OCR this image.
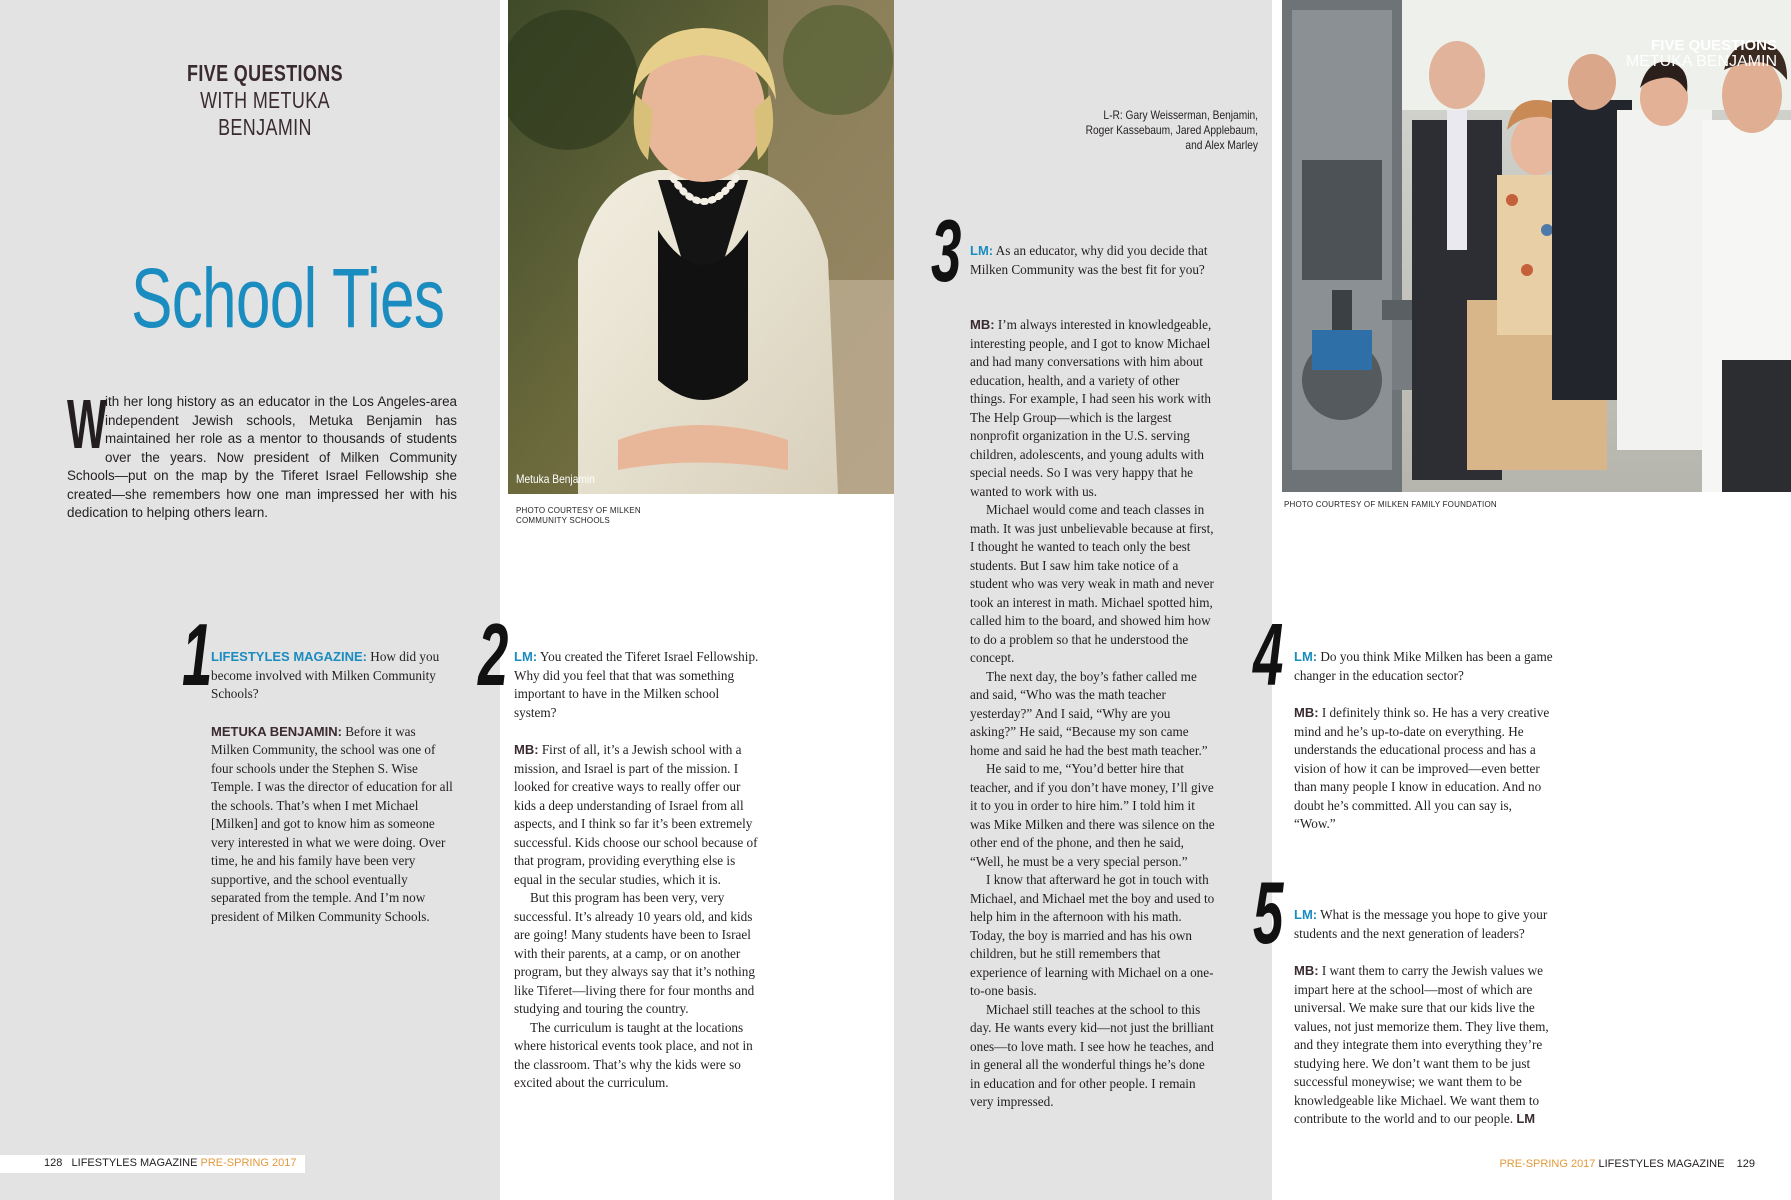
FIVE QUESTIONS
WITH METUKA BENJAMIN
School Ties
W
ith her long history as an educator in the Los Angeles-area independent Jewish schools, Metuka Benjamin has maintained her role as a mentor to thousands of students over the years. Now president of Milken Community Schools—put on the map by the Tiferet Israel Fellowship she created—she remembers how one man impressed her with his dedication to helping others learn.
Metuka Benjamin
PHOTO COURTESY OF MILKEN
COMMUNITY SCHOOLS
L-R: Gary Weisserman, Benjamin,
Roger Kassebaum, Jared Applebaum,
and Alex Marley
FIVE QUESTIONS
METUKA BENJAMIN
PHOTO COURTESY OF MILKEN FAMILY FOUNDATION
1

LIFESTYLES MAGAZINE: How did you become involved with Milken Community Schools?

METUKA BENJAMIN: Before it was Milken Community, the school was one of four schools under the Stephen S. Wise Temple. I was the director of education for all the schools. That’s when I met Michael [Milken] and got to know him as someone very interested in what we were doing. Over time, he and his family have been very supportive, and the school eventually separated from the temple. And I’m now president of Milken Community Schools.

2 LM: You created the Tiferet Israel Fellowship. Why did you feel that that was something important to have in the Milken school system?

MB: First of all, it’s a Jewish school with a mission, and Israel is part of the mission. I looked for creative ways to really offer our kids a deep understanding of Israel from all aspects, and I think so far it’s been extremely successful. Kids choose our school because of that program, providing everything else is equal in the secular studies, which it is.

But this program has been very, very successful. It’s already 10 years old, and kids are going! Many students have been to Israel with their parents, at a camp, or on another program, but they always say that it’s nothing like Tiferet—living there for four months and studying and touring the country.

The curriculum is taught at the locations where historical events took place, and not in the classroom. That’s why the kids were so excited about the curriculum.

3 LM: As an educator, why did you decide that Milken Community was the best fit for you?

MB: I’m always interested in knowledgeable, interesting people, and I got to know Michael and had many conversations with him about education, health, and a variety of other things. For example, I had seen his work with The Help Group—which is the largest nonprofit organization in the U.S. serving children, adolescents, and young adults with special needs. So I was very happy that he wanted to work with us.

Michael would come and teach classes in math. It was just unbelievable because at first, I thought he wanted to teach only the best students. But I saw him take notice of a student who was very weak in math and never took an interest in math. Michael spotted him, called him to the board, and showed him how to do a problem so that he understood the concept.

The next day, the boy’s father called me and said, “Who was the math teacher yesterday?” And I said, “Why are you asking?” He said, “Because my son came home and said he had the best math teacher.”

He said to me, “You’d better hire that teacher, and if you don’t have money, I’ll give it to you in order to hire him.” I told him it was Mike Milken and there was silence on the other end of the phone, and then he said, “Well, he must be a very special person.”

I know that afterward he got in touch with Michael, and Michael met the boy and used to help him in the afternoon with his math. Today, the boy is married and has his own children, but he still remembers that experience of learning with Michael on a one-to-one basis.

Michael still teaches at the school to this day. He wants every kid—not just the brilliant ones—to love math. I see how he teaches, and in general all the wonderful things he’s done in education and for other people. I remain very impressed.

4 LM: Do you think Mike Milken has been a game changer in the education sector?

MB: I definitely think so. He has a very creative mind and he’s up-to-date on everything. He understands the educational process and has a vision of how it can be improved—even better than many people I know in education. And no doubt he’s committed. All you can say is, “Wow.”

5 LM: What is the message you hope to give your students and the next generation of leaders?

MB: I want them to carry the Jewish values we impart here at the school—most of which are universal. We make sure that our kids live the values, not just memorize them. They live them, and they integrate them into everything they’re studying here. We don’t want them to be just successful moneywise; we want them to be knowledgeable like Michael. We want them to contribute to the world and to our people. LM

128 LIFESTYLES MAGAZINE PRE-SPRING 2017	PRE-SPRING 2017 LIFESTYLES MAGAZINE 129
